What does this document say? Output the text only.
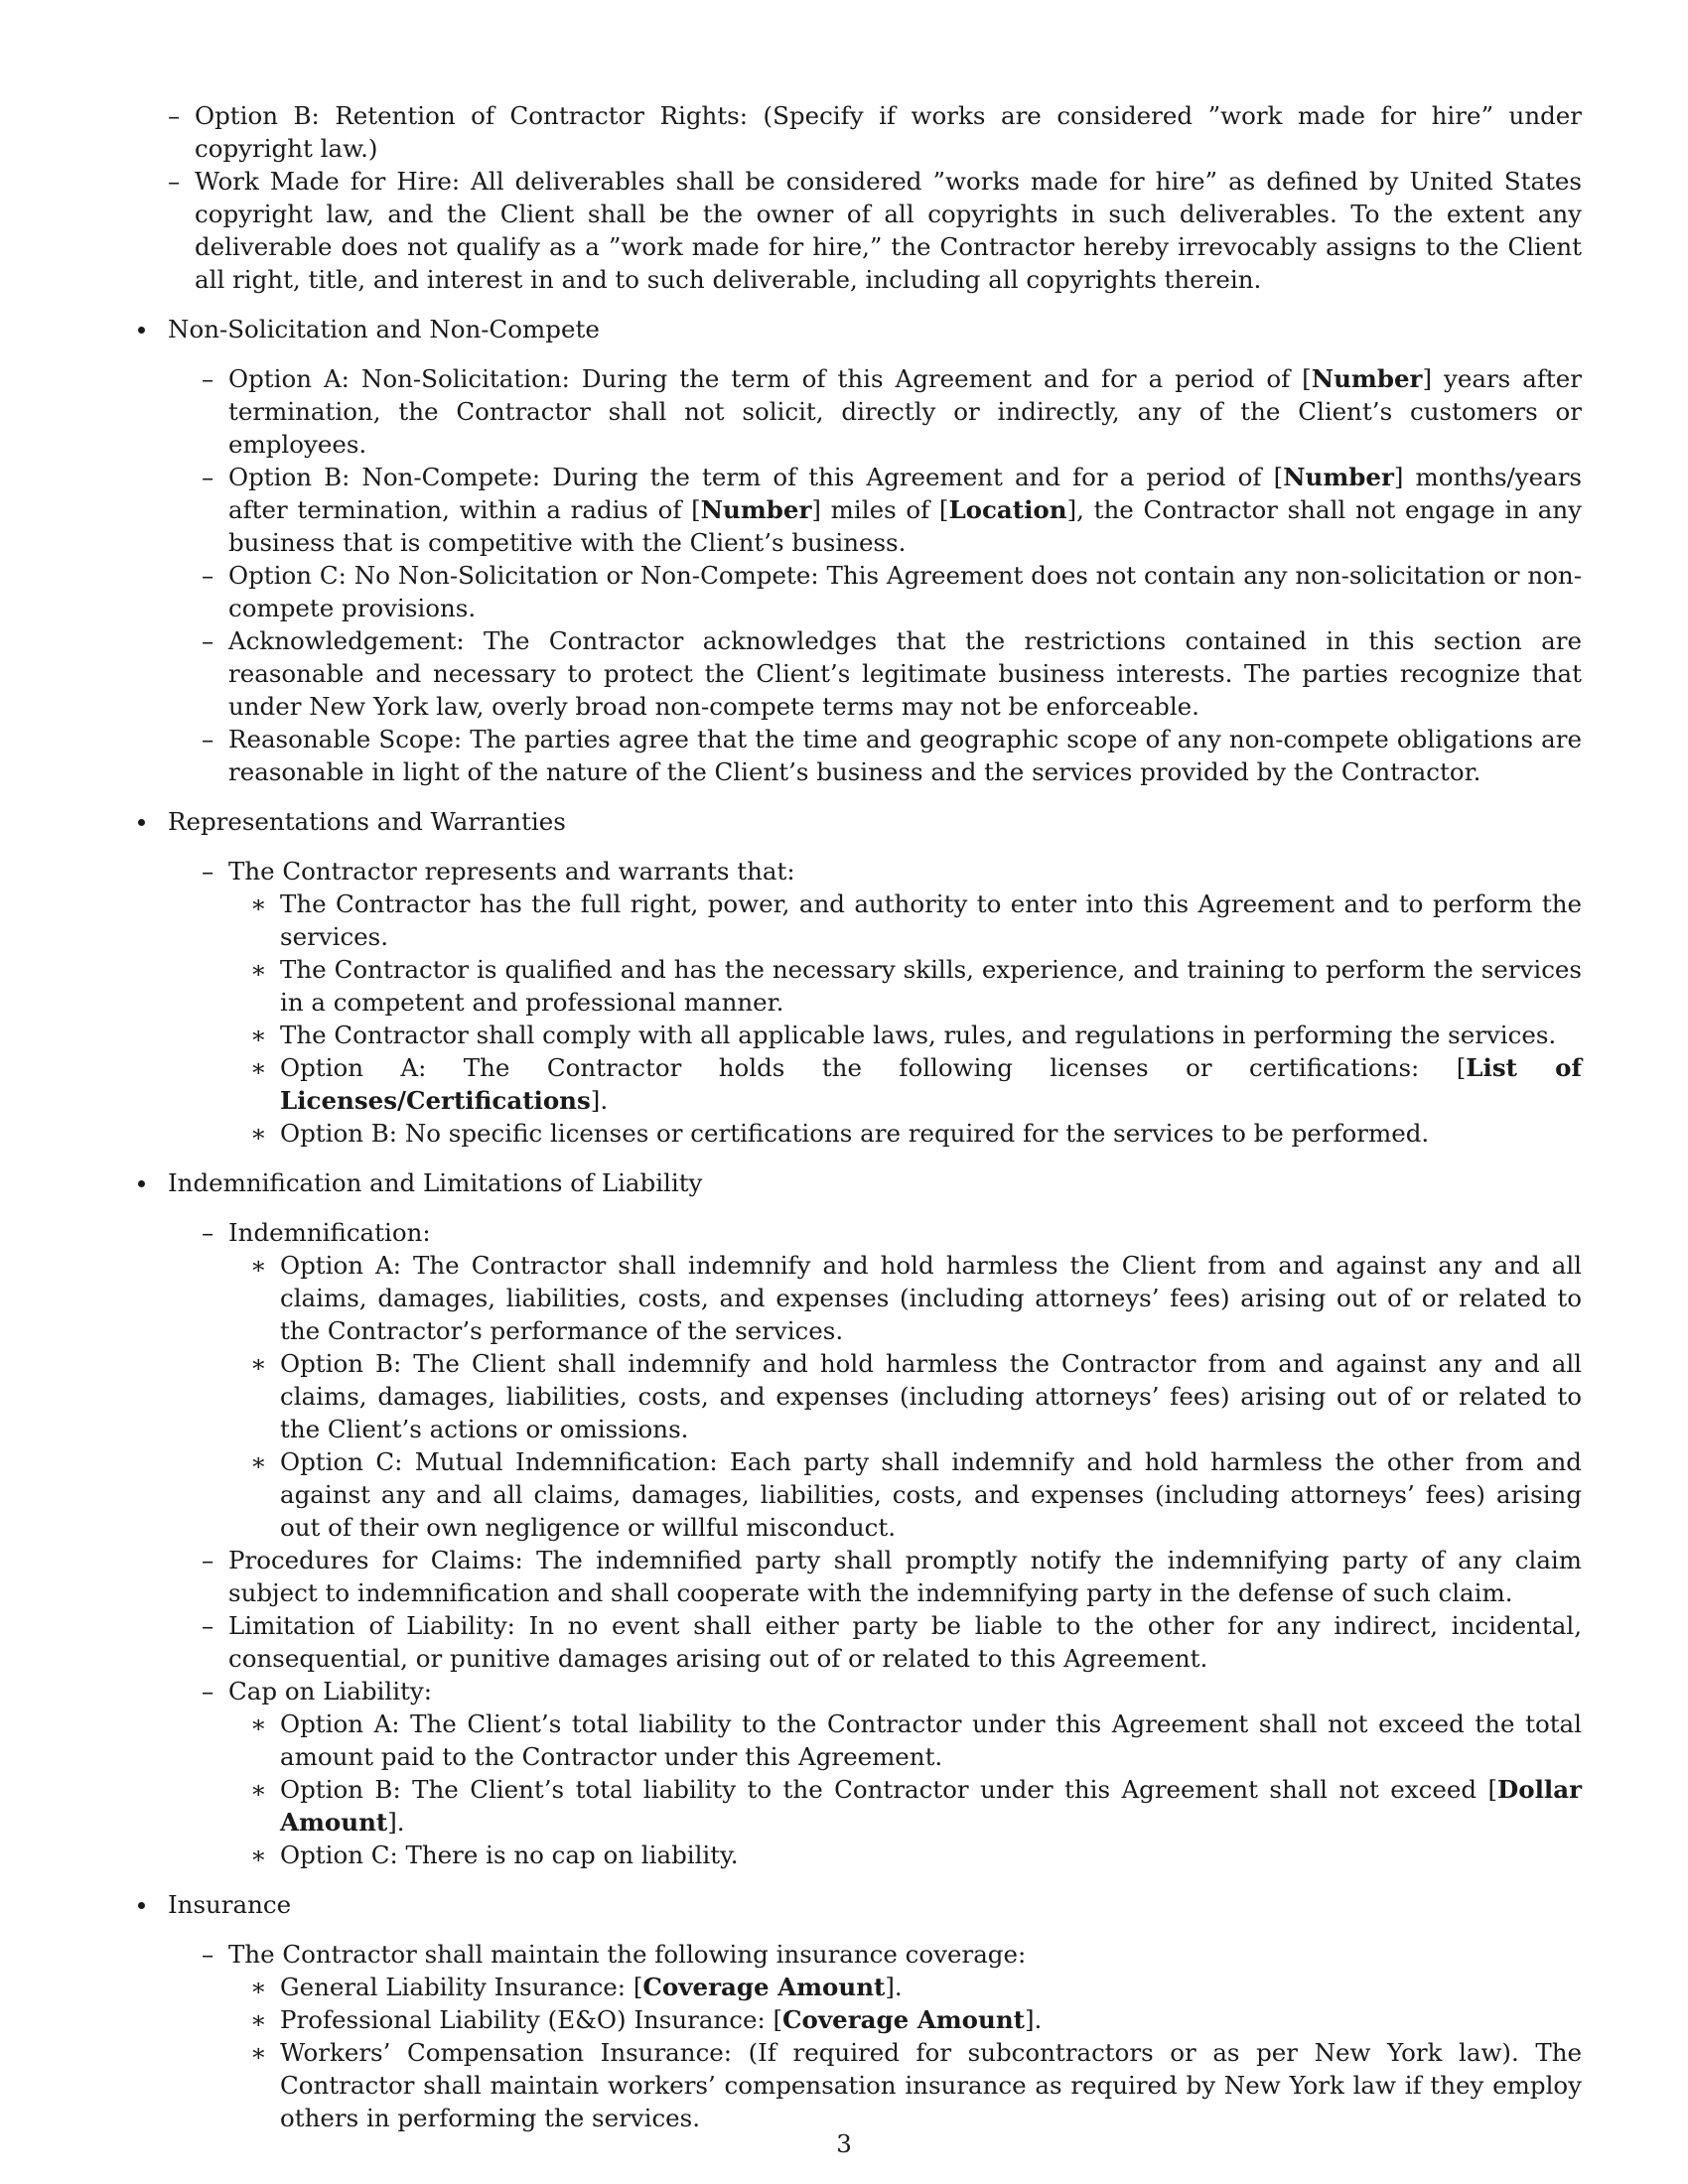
–
Option B: Retention of Contractor Rights: (Specify if works are considered ”work made for hire” under copyright law.)
–
Work Made for Hire: All deliverables shall be considered ”works made for hire” as defined by United States copyright law, and the Client shall be the owner of all copyrights in such deliverables. To the extent any deliverable does not qualify as a ”work made for hire,” the Contractor hereby irrevocably assigns to the Client all right, title, and interest in and to such deliverable, including all copyrights therein.
Non-Solicitation and Non-Compete
–
Option A: Non-Solicitation: During the term of this Agreement and for a period of [Number] years after termination, the Contractor shall not solicit, directly or indirectly, any of the Client’s customers or employees.
–
Option B: Non-Compete: During the term of this Agreement and for a period of [Number] months/years after termination, within a radius of [Number] miles of [Location], the Contractor shall not engage in any business that is competitive with the Client’s business.
–
Option C: No Non-Solicitation or Non-Compete: This Agreement does not contain any non-solicitation or non-compete provisions.
–
Acknowledgement: The Contractor acknowledges that the restrictions contained in this section are reasonable and necessary to protect the Client’s legitimate business interests. The parties recognize that under New York law, overly broad non-compete terms may not be enforceable.
–
Reasonable Scope: The parties agree that the time and geographic scope of any non-compete obligations are reasonable in light of the nature of the Client’s business and the services provided by the Contractor.
Representations and Warranties
–
The Contractor represents and warrants that:
∗
The Contractor has the full right, power, and authority to enter into this Agreement and to perform the services.
∗
The Contractor is qualified and has the necessary skills, experience, and training to perform the services in a competent and professional manner.
∗
The Contractor shall comply with all applicable laws, rules, and regulations in performing the services.
∗
Option A: The Contractor holds the following licenses or certifications: [List of Licenses/Certifications].
∗
Option B: No specific licenses or certifications are required for the services to be performed.
Indemnification and Limitations of Liability
–
Indemnification:
∗
Option A: The Contractor shall indemnify and hold harmless the Client from and against any and all claims, damages, liabilities, costs, and expenses (including attorneys’ fees) arising out of or related to the Contractor’s performance of the services.
∗
Option B: The Client shall indemnify and hold harmless the Contractor from and against any and all claims, damages, liabilities, costs, and expenses (including attorneys’ fees) arising out of or related to the Client’s actions or omissions.
∗
Option C: Mutual Indemnification: Each party shall indemnify and hold harmless the other from and against any and all claims, damages, liabilities, costs, and expenses (including attorneys’ fees) arising out of their own negligence or willful misconduct.
–
Procedures for Claims: The indemnified party shall promptly notify the indemnifying party of any claim subject to indemnification and shall cooperate with the indemnifying party in the defense of such claim.
–
Limitation of Liability: In no event shall either party be liable to the other for any indirect, incidental, consequential, or punitive damages arising out of or related to this Agreement.
–
Cap on Liability:
∗
Option A: The Client’s total liability to the Contractor under this Agreement shall not exceed the total amount paid to the Contractor under this Agreement.
∗
Option B: The Client’s total liability to the Contractor under this Agreement shall not exceed [Dollar Amount].
∗
Option C: There is no cap on liability.
Insurance
–
The Contractor shall maintain the following insurance coverage:
∗
General Liability Insurance: [Coverage Amount].
∗
Professional Liability (E&O) Insurance: [Coverage Amount].
∗
Workers’ Compensation Insurance: (If required for subcontractors or as per New York law). The Contractor shall maintain workers’ compensation insurance as required by New York law if they employ others in performing the services.
3
